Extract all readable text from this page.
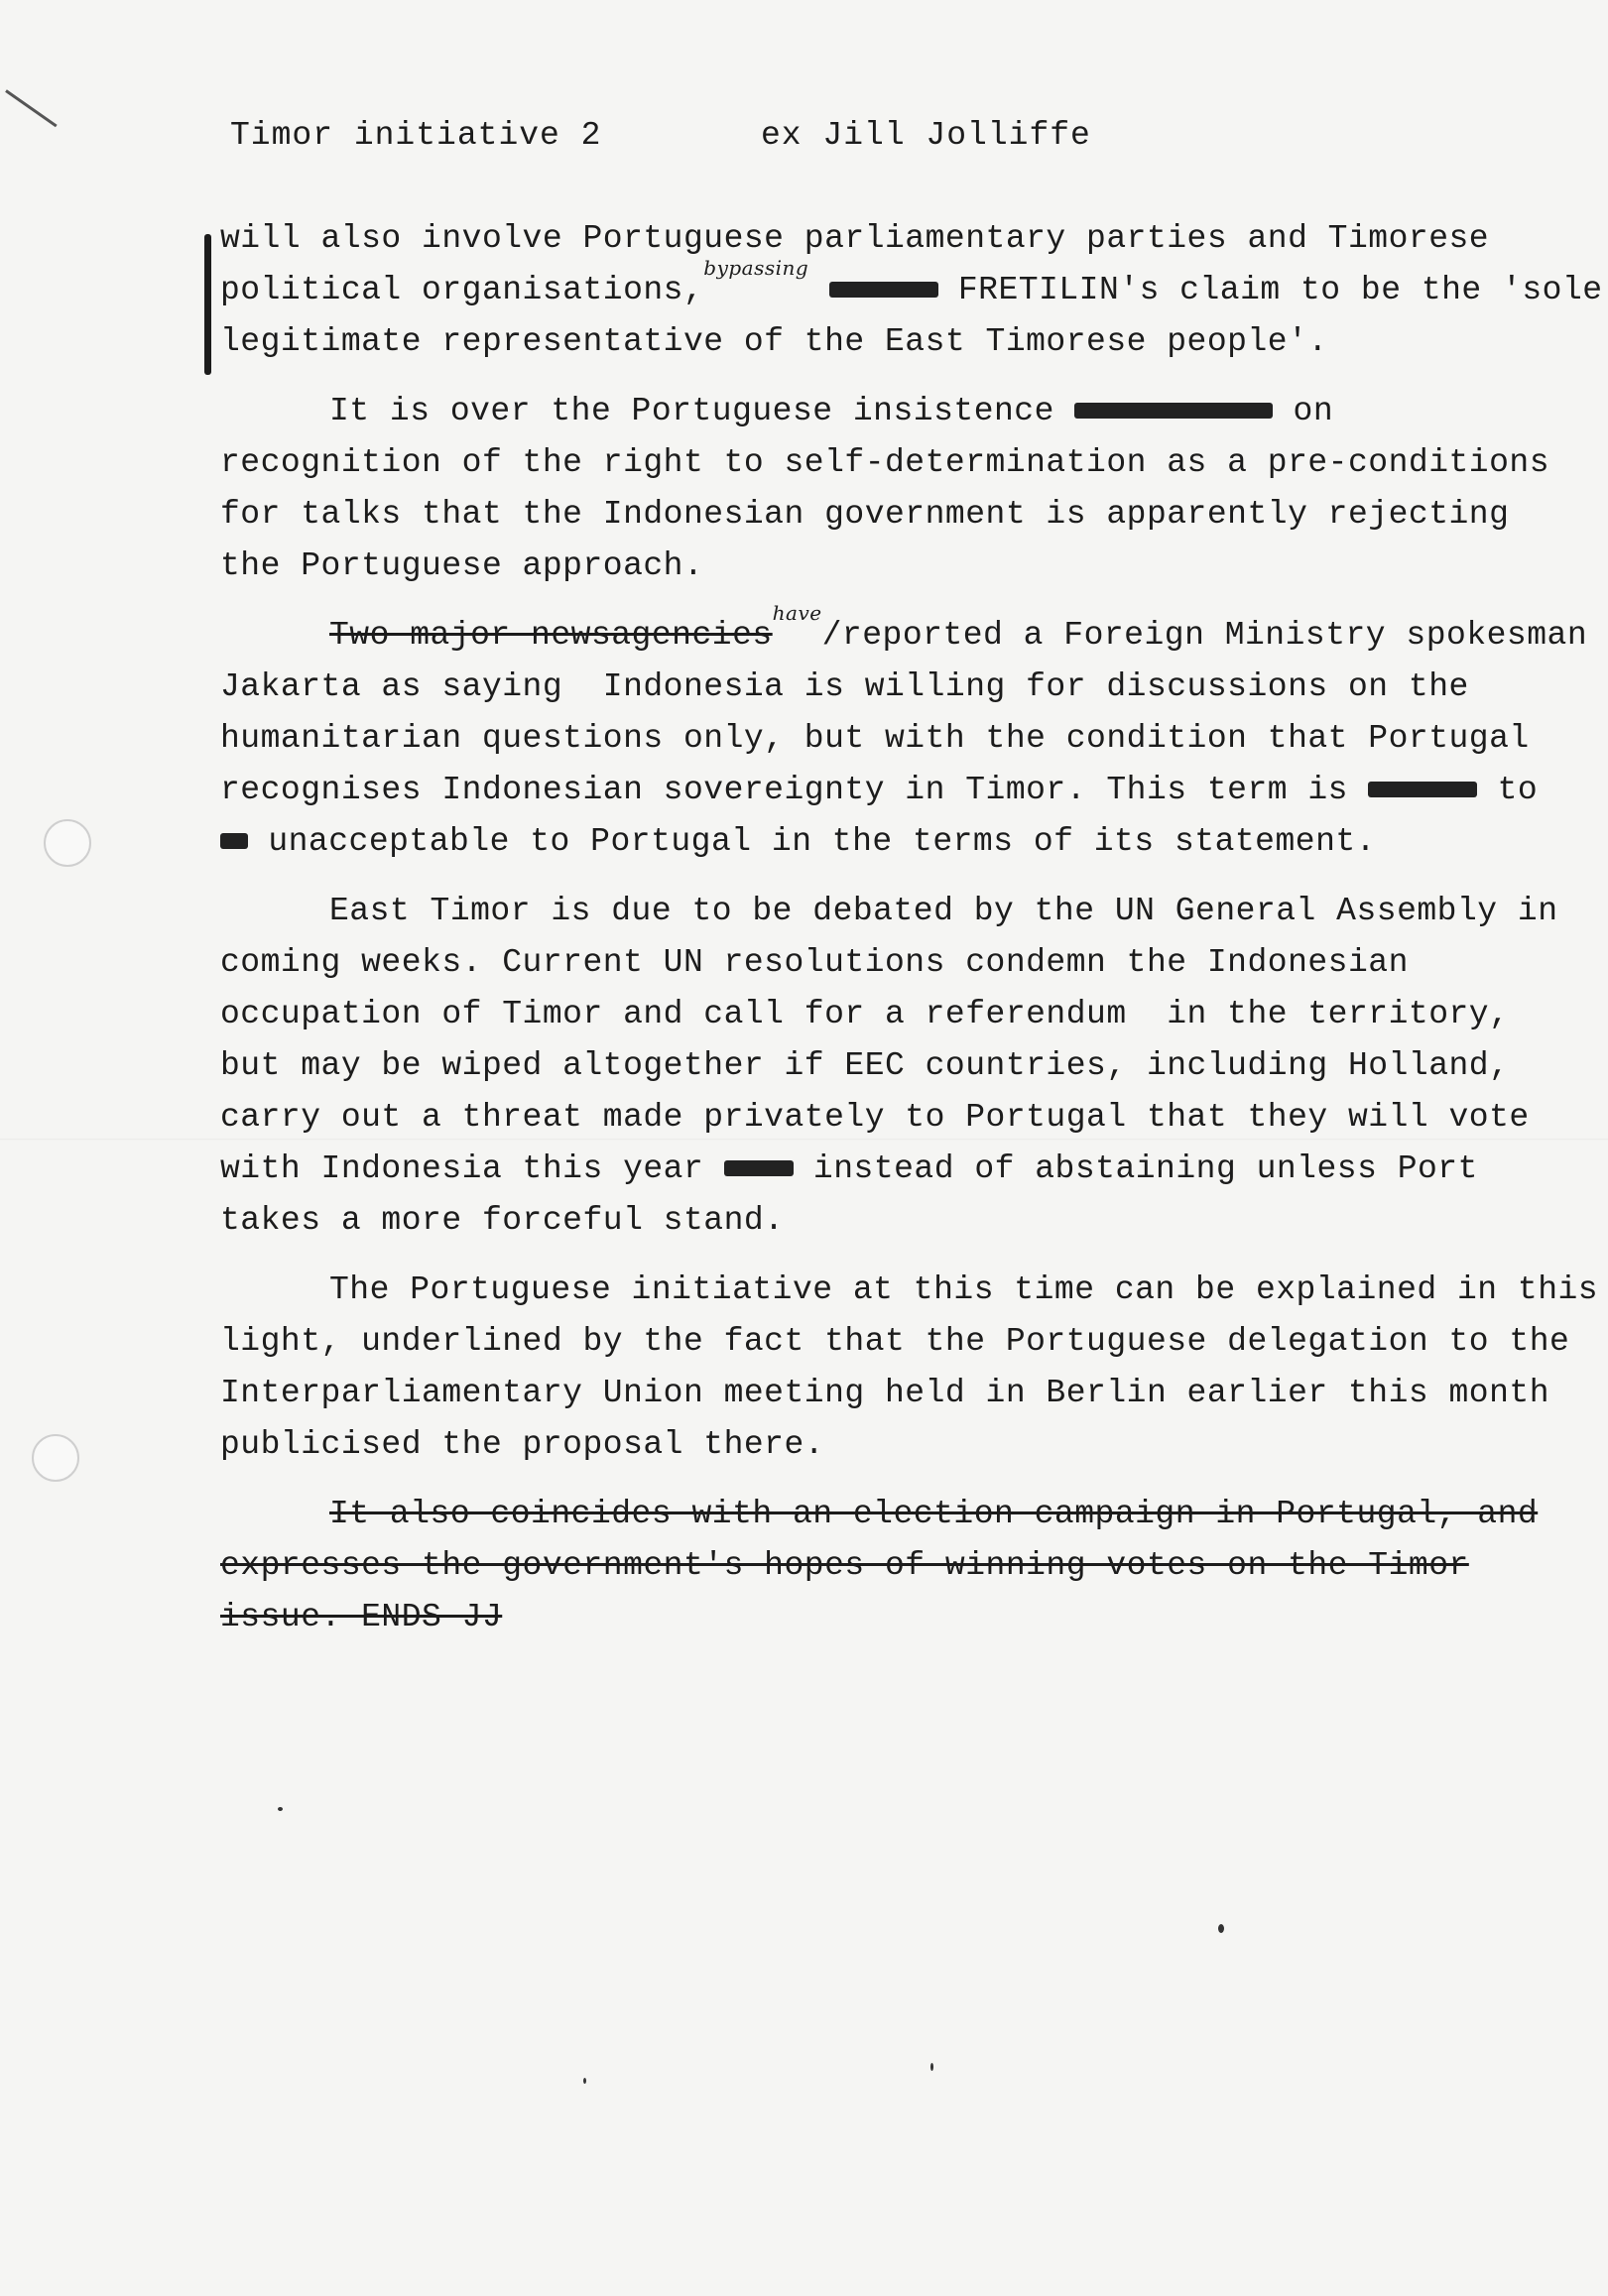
Timor initiative 2	ex Jill Jolliffe
will also involve Portuguese parliamentary parties and Timorese
political organisations,$^{bypassing}$  FRETILIN's claim to be the 'sole
legitimate representative of the East Timorese people'.
It is over the Portuguese insistence	on
recognition of the right to self-determination as a pre-conditions
for talks that the Indonesian government is apparently rejecting
the Portuguese approach.
Two major newsagencies$^{have}$/reported a Foreign Ministry spokesman
Jakarta as saying  Indonesia is willing for discussions on the
humanitarian questions only, but with the condition that Portugal
recognises Indonesian sovereignty in Timor. This term is	to
unacceptable to Portugal in the terms of its statement.
East Timor is due to be debated by the UN General Assembly in
coming weeks. Current UN resolutions condemn the Indonesian
occupation of Timor and call for a referendum  in the territory,
but may be wiped altogether if EEC countries, including Holland,
carry out a threat made privately to Portugal that they will vote
with Indonesia this year	instead of abstaining unless Port
takes a more forceful stand.
The Portuguese initiative at this time can be explained in this
light, underlined by the fact that the Portuguese delegation to the
Interparliamentary Union meeting held in Berlin earlier this month
publicised the proposal there.
It also coincides with an election campaign in Portugal, and
expresses the government's hopes of winning votes on the Timor
issue. ENDS JJ
